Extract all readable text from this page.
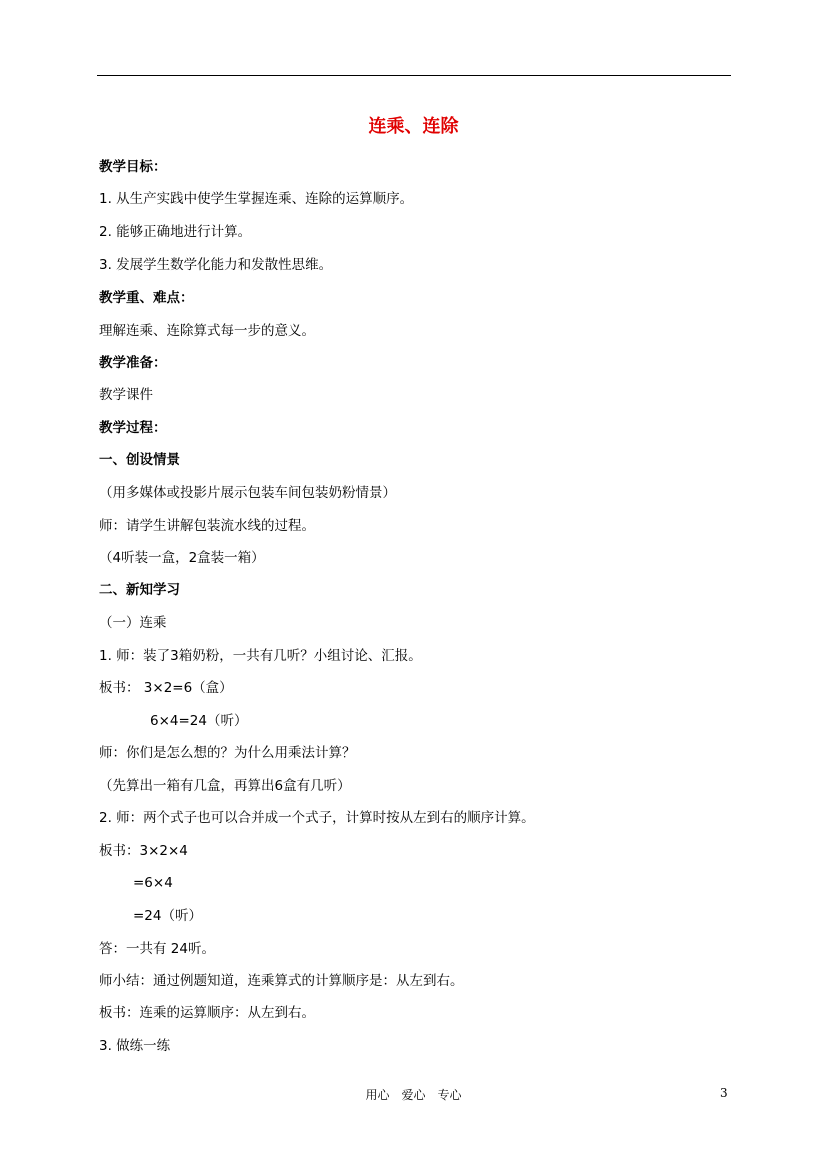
连乘、连除
教学目标：
1. 从生产实践中使学生掌握连乘、连除的运算顺序。
2. 能够正确地进行计算。
3. 发展学生数学化能力和发散性思维。
教学重、难点：
理解连乘、连除算式每一步的意义。
教学准备：
教学课件
教学过程：
一、创设情景
（用多媒体或投影片展示包装车间包装奶粉情景）
师：请学生讲解包装流水线的过程。
（4听装一盒，2盒装一箱）
二、新知学习
（一）连乘
1. 师：装了3箱奶粉，一共有几听？小组讨论、汇报。
板书： 3×2=6（盒）
6×4=24（听）
师：你们是怎么想的？为什么用乘法计算？
（先算出一箱有几盒，再算出6盒有几听）
2. 师：两个式子也可以合并成一个式子，计算时按从左到右的顺序计算。
板书：3×2×4
=6×4
=24（听）
答：一共有 24听。
师小结：通过例题知道，连乘算式的计算顺序是：从左到右。
板书：连乘的运算顺序：从左到右。
3. 做练一练
用心　爱心　专心	3
